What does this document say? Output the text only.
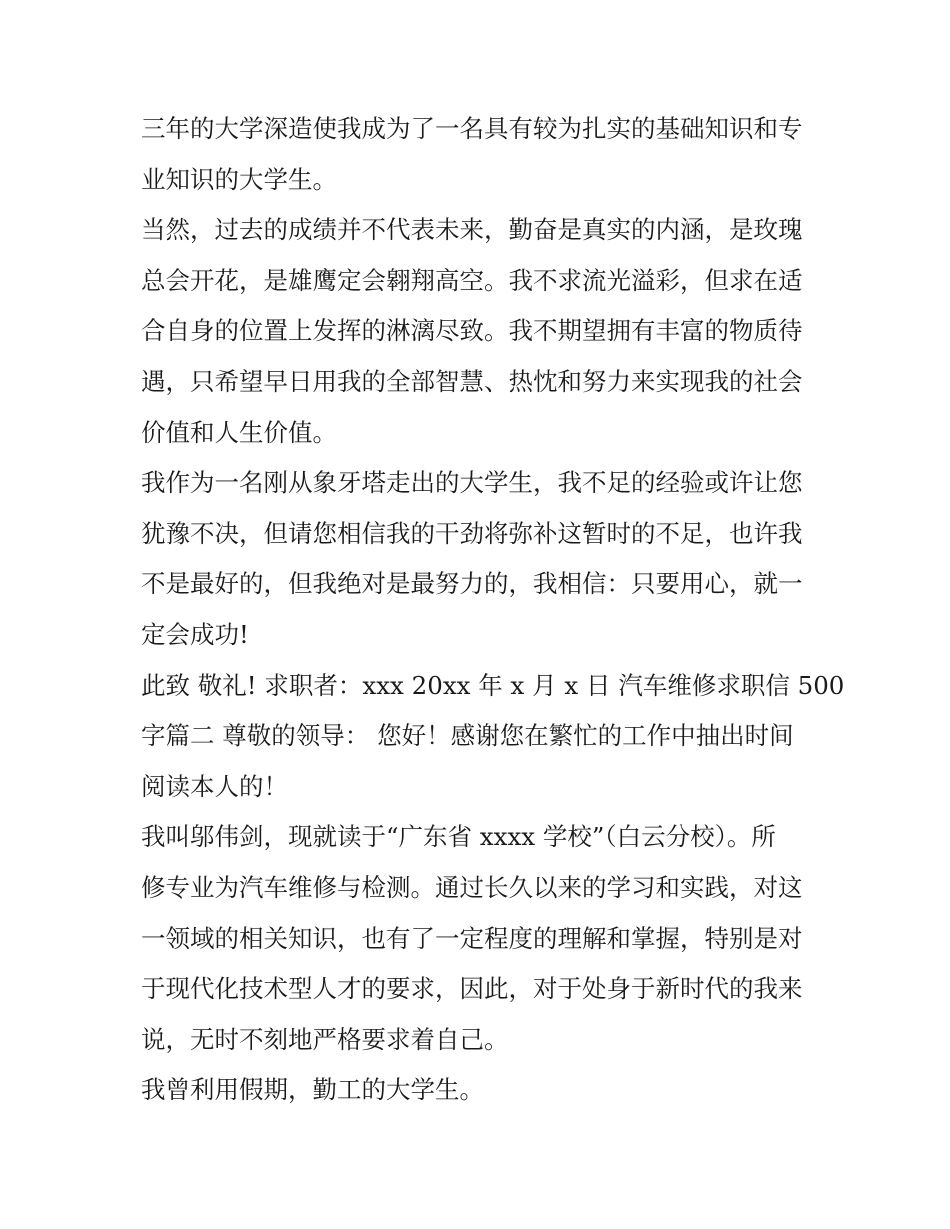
三年的大学深造使我成为了一名具有较为扎实的基础知识和专
业知识的大学生。
当然，过去的成绩并不代表未来，勤奋是真实的内涵，是玫瑰
总会开花，是雄鹰定会翱翔高空。我不求流光溢彩，但求在适
合自身的位置上发挥的淋漓尽致。我不期望拥有丰富的物质待
遇，只希望早日用我的全部智慧、热忱和努力来实现我的社会
价值和人生价值。
我作为一名刚从象牙塔走出的大学生，我不足的经验或许让您
犹豫不决，但请您相信我的干劲将弥补这暂时的不足，也许我
不是最好的，但我绝对是最努力的，我相信：只要用心，就一
定会成功!
此致 敬礼! 求职者：xxx 20xx 年 x 月 x 日 汽车维修求职信 500
字篇二 尊敬的领导： 您好！感谢您在繁忙的工作中抽出时间
阅读本人的！
我叫邬伟剑，现就读于“广东省 xxxx 学校”（白云分校）。所
修专业为汽车维修与检测。通过长久以来的学习和实践，对这
一领域的相关知识，也有了一定程度的理解和掌握，特别是对
于现代化技术型人才的要求，因此，对于处身于新时代的我来
说，无时不刻地严格要求着自己。
我曾利用假期，勤工的大学生。
